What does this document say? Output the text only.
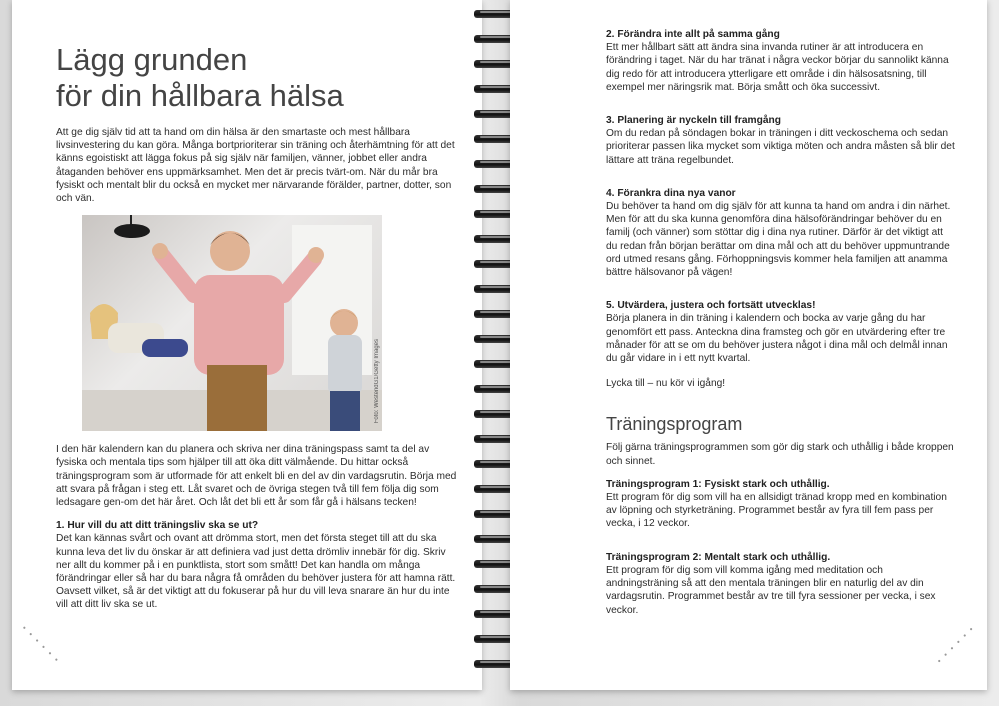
Lägg grunden
för din hållbara hälsa

Att ge dig själv tid att ta hand om din hälsa är den smartaste och mest hållbara livsinvestering du kan göra. Många bortprioriterar sin träning och återhämtning för att det känns egoistiskt att lägga fokus på sig själv när familjen, vänner, jobbet eller andra åtaganden behöver ens uppmärksamhet. Men det är precis tvärt-om. När du mår bra fysiskt och mentalt blir du också en mycket mer närvarande förälder, partner, dotter, son och vän.

Foto: WestendG1/Getty Images

I den här kalendern kan du planera och skriva ner dina träningspass samt ta del av fysiska och mentala tips som hjälper till att öka ditt välmående. Du hittar också träningsprogram som är utformade för att enkelt bli en del av din vardagsrutin. Börja med att svara på frågan i steg ett. Låt svaret och de övriga stegen två till fem följa dig som ledsagare gen-om det här året. Och låt det bli ett år som får gå i hälsans tecken!

1. Hur vill du att ditt träningsliv ska se ut?

Det kan kännas svårt och ovant att drömma stort, men det första steget till att du ska kunna leva det liv du önskar är att definiera vad just detta drömliv innebär för dig. Skriv ner allt du kommer på i en punktlista, stort som smått! Det kan handla om många förändringar eller så har du bara några få områden du behöver justera för att hamna rätt. Oavsett vilket, så är det viktigt att du fokuserar på hur du vill leva snarare än hur du inte vill att ditt liv ska se ut.

• • • • • •
2. Förändra inte allt på samma gång

Ett mer hållbart sätt att ändra sina invanda rutiner är att introducera en förändring i taget. När du har tränat i några veckor börjar du sannolikt känna dig redo för att introducera ytterligare ett område i din hälsosatsning, till exempel mer näringsrik mat. Börja smått och öka successivt.

3. Planering är nyckeln till framgång

Om du redan på söndagen bokar in träningen i ditt veckoschema och sedan prioriterar passen lika mycket som viktiga möten och andra måsten så blir det lättare att träna regelbundet.

4. Förankra dina nya vanor

Du behöver ta hand om dig själv för att kunna ta hand om andra i din närhet. Men för att du ska kunna genomföra dina hälsoförändringar behöver du en familj (och vänner) som stöttar dig i dina nya rutiner. Därför är det viktigt att du redan från början berättar om dina mål och att du behöver uppmuntrande ord utmed resans gång. Förhoppningsvis kommer hela familjen att anamma bättre hälsovanor på vägen!

5. Utvärdera, justera och fortsätt utvecklas!

Börja planera in din träning i kalendern och bocka av varje gång du har genomfört ett pass. Anteckna dina framsteg och gör en utvärdering efter tre månader för att se om du behöver justera något i dina mål och delmål innan du går vidare in i ett nytt kvartal.

Lycka till – nu kör vi igång!

Träningsprogram

Följ gärna träningsprogrammen som gör dig stark och uthållig i både kroppen och sinnet.

Träningsprogram 1: Fysiskt stark och uthållig.

Ett program för dig som vill ha en allsidigt tränad kropp med en kombination av löpning och styrketräning. Programmet består av fyra till fem pass per vecka, i 12 veckor.

Träningsprogram 2: Mentalt stark och uthållig.

Ett program för dig som vill komma igång med meditation och andningsträning så att den mentala träningen blir en naturlig del av din vardagsrutin. Programmet består av tre till fyra sessioner per vecka, i sex veckor.

• • • • • •
